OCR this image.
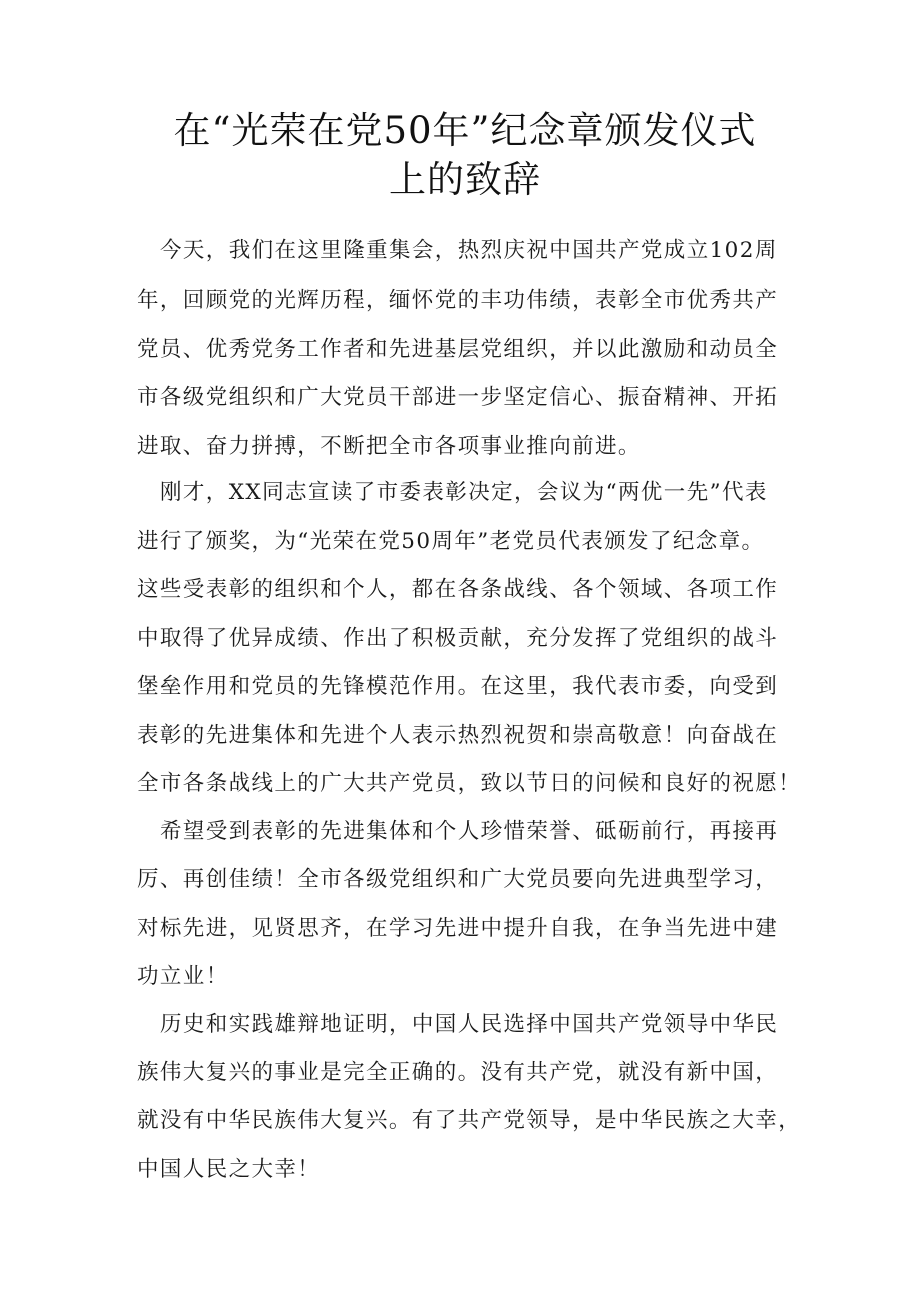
在“光荣在党50年”纪念章颁发仪式
上的致辞
今天，我们在这里隆重集会，热烈庆祝中国共产党成立102周
年，回顾党的光辉历程，缅怀党的丰功伟绩，表彰全市优秀共产
党员、优秀党务工作者和先进基层党组织，并以此激励和动员全
市各级党组织和广大党员干部进一步坚定信心、振奋精神、开拓
进取、奋力拼搏，不断把全市各项事业推向前进。
刚才，XX同志宣读了市委表彰决定，会议为“两优一先”代表
进行了颁奖，为“光荣在党50周年”老党员代表颁发了纪念章。
这些受表彰的组织和个人，都在各条战线、各个领域、各项工作
中取得了优异成绩、作出了积极贡献，充分发挥了党组织的战斗
堡垒作用和党员的先锋模范作用。在这里，我代表市委，向受到
表彰的先进集体和先进个人表示热烈祝贺和崇高敬意！向奋战在
全市各条战线上的广大共产党员，致以节日的问候和良好的祝愿！
希望受到表彰的先进集体和个人珍惜荣誉、砥砺前行，再接再
厉、再创佳绩！全市各级党组织和广大党员要向先进典型学习，
对标先进，见贤思齐，在学习先进中提升自我，在争当先进中建
功立业！
历史和实践雄辩地证明，中国人民选择中国共产党领导中华民
族伟大复兴的事业是完全正确的。没有共产党，就没有新中国，
就没有中华民族伟大复兴。有了共产党领导，是中华民族之大幸，
中国人民之大幸！
